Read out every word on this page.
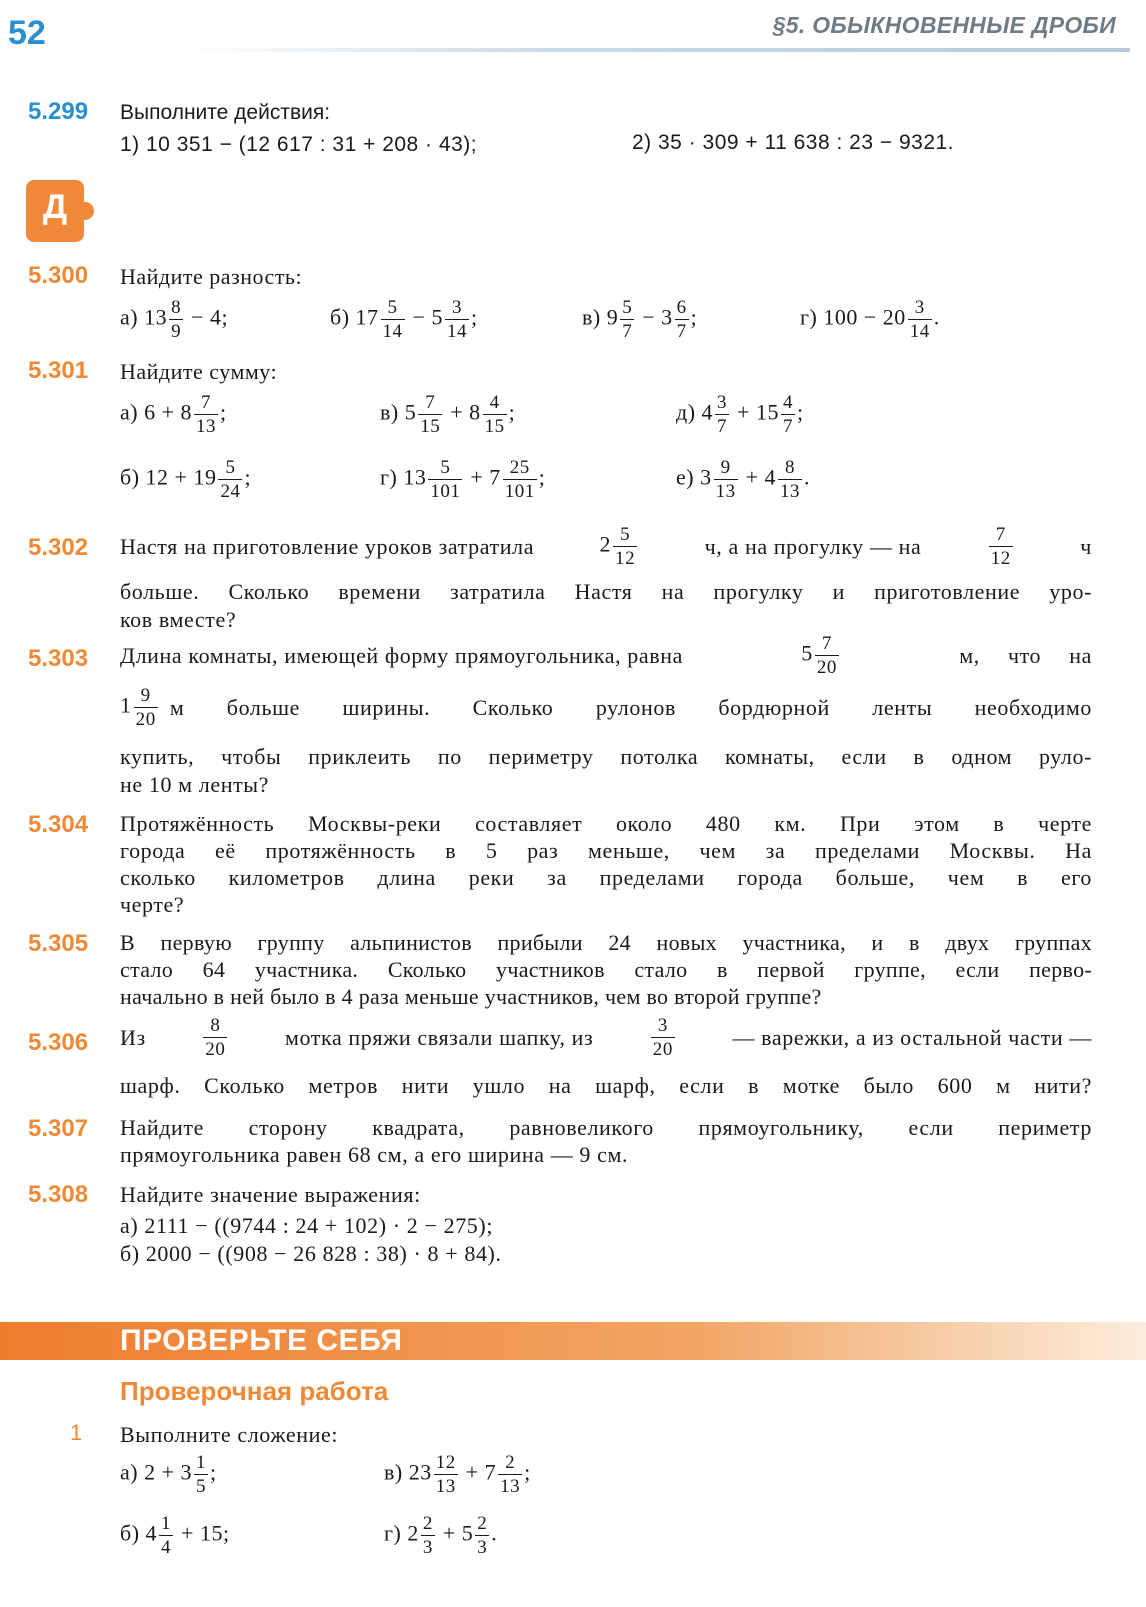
52	§5. ОБЫКНОВЕННЫЕ ДРОБИ
5.299 Выполните действия:
1) 10 351 − (12 617 : 31 + 208 · 43);	2) 35 · 309 + 11 638 : 23 − 9321.
Д
5.300 Найдите разность:
а) $13 \frac{8}{9} - 4$;	б) $17 \frac{5}{14} - 5 \frac{3}{14}$ ;	в) $9 \frac{5}{7} - 3 \frac{6}{7}$ ;	г) $100 - 20 \frac{3}{14}$ .
5.301 Найдите сумму:
а) $6 + 8 \frac{7}{13}$ ;	в) $5 \frac{7}{15} + 8 \frac{4}{15}$ ;	д) $4 \frac{3}{7} + 15 \frac{4}{7}$ ;
б) $12 + 19 \frac{5}{24}$ ;	г) $13 \frac{5}{101} + 7 \frac{25}{101}$ ;	е) $3 \frac{9}{13} + 4 \frac{8}{13}$ .
5.302 Настя на приготовление уроков затратила	$2 \frac{5}{12}$	ч, а на прогулку — на	$\frac{7}{12}$	ч
больше. Сколько времени затратила Настя на прогулку и приготовление уро-
ков вместе?
5.303 Длина комнаты, имеющей форму прямоугольника, равна	$5 \frac{7}{20}$	м, что на
$1 \frac{9}{20}$ м больше ширины. Сколько рулонов бордюрной ленты необходимо
купить, чтобы приклеить по периметру потолка комнаты, если в одном руло-
не 10 м ленты?
5.304 Протяжённость Москвы-реки составляет около 480 км. При этом в черте
города её протяжённость в 5 раз меньше, чем за пределами Москвы. На
сколько километров длина реки за пределами города больше, чем в его
черте?
5.305 В первую группу альпинистов прибыли 24 новых участника, и в двух группах
стало 64 участника. Сколько участников стало в первой группе, если перво-
начально в ней было в 4 раза меньше участников, чем во второй группе?
5.306 Из	$\frac{8}{20}$	мотка пряжи связали шапку, из	$\frac{3}{20}$	— варежки, а из остальной части —
шарф. Сколько метров нити ушло на шарф, если в мотке было 600 м нити?
5.307 Найдите сторону квадрата, равновеликого прямоугольнику, если периметр
прямоугольника равен 68 см, а его ширина — 9 см.
5.308 Найдите значение выражения:
а) 2111 − ((9744 : 24 + 102) · 2 − 275);
б) 2000 − ((908 − 26 828 : 38) · 8 + 84).
ПРОВЕРЬТЕ СЕБЯ
Проверочная работа
1 Выполните сложение:
а) $2 + 3 \frac{1}{5}$ ;	в) $23 \frac{12}{13} + 7 \frac{2}{13}$ ;
б) $4 \frac{1}{4} + 15$;	г) $2 \frac{2}{3} + 5 \frac{2}{3}$ .
